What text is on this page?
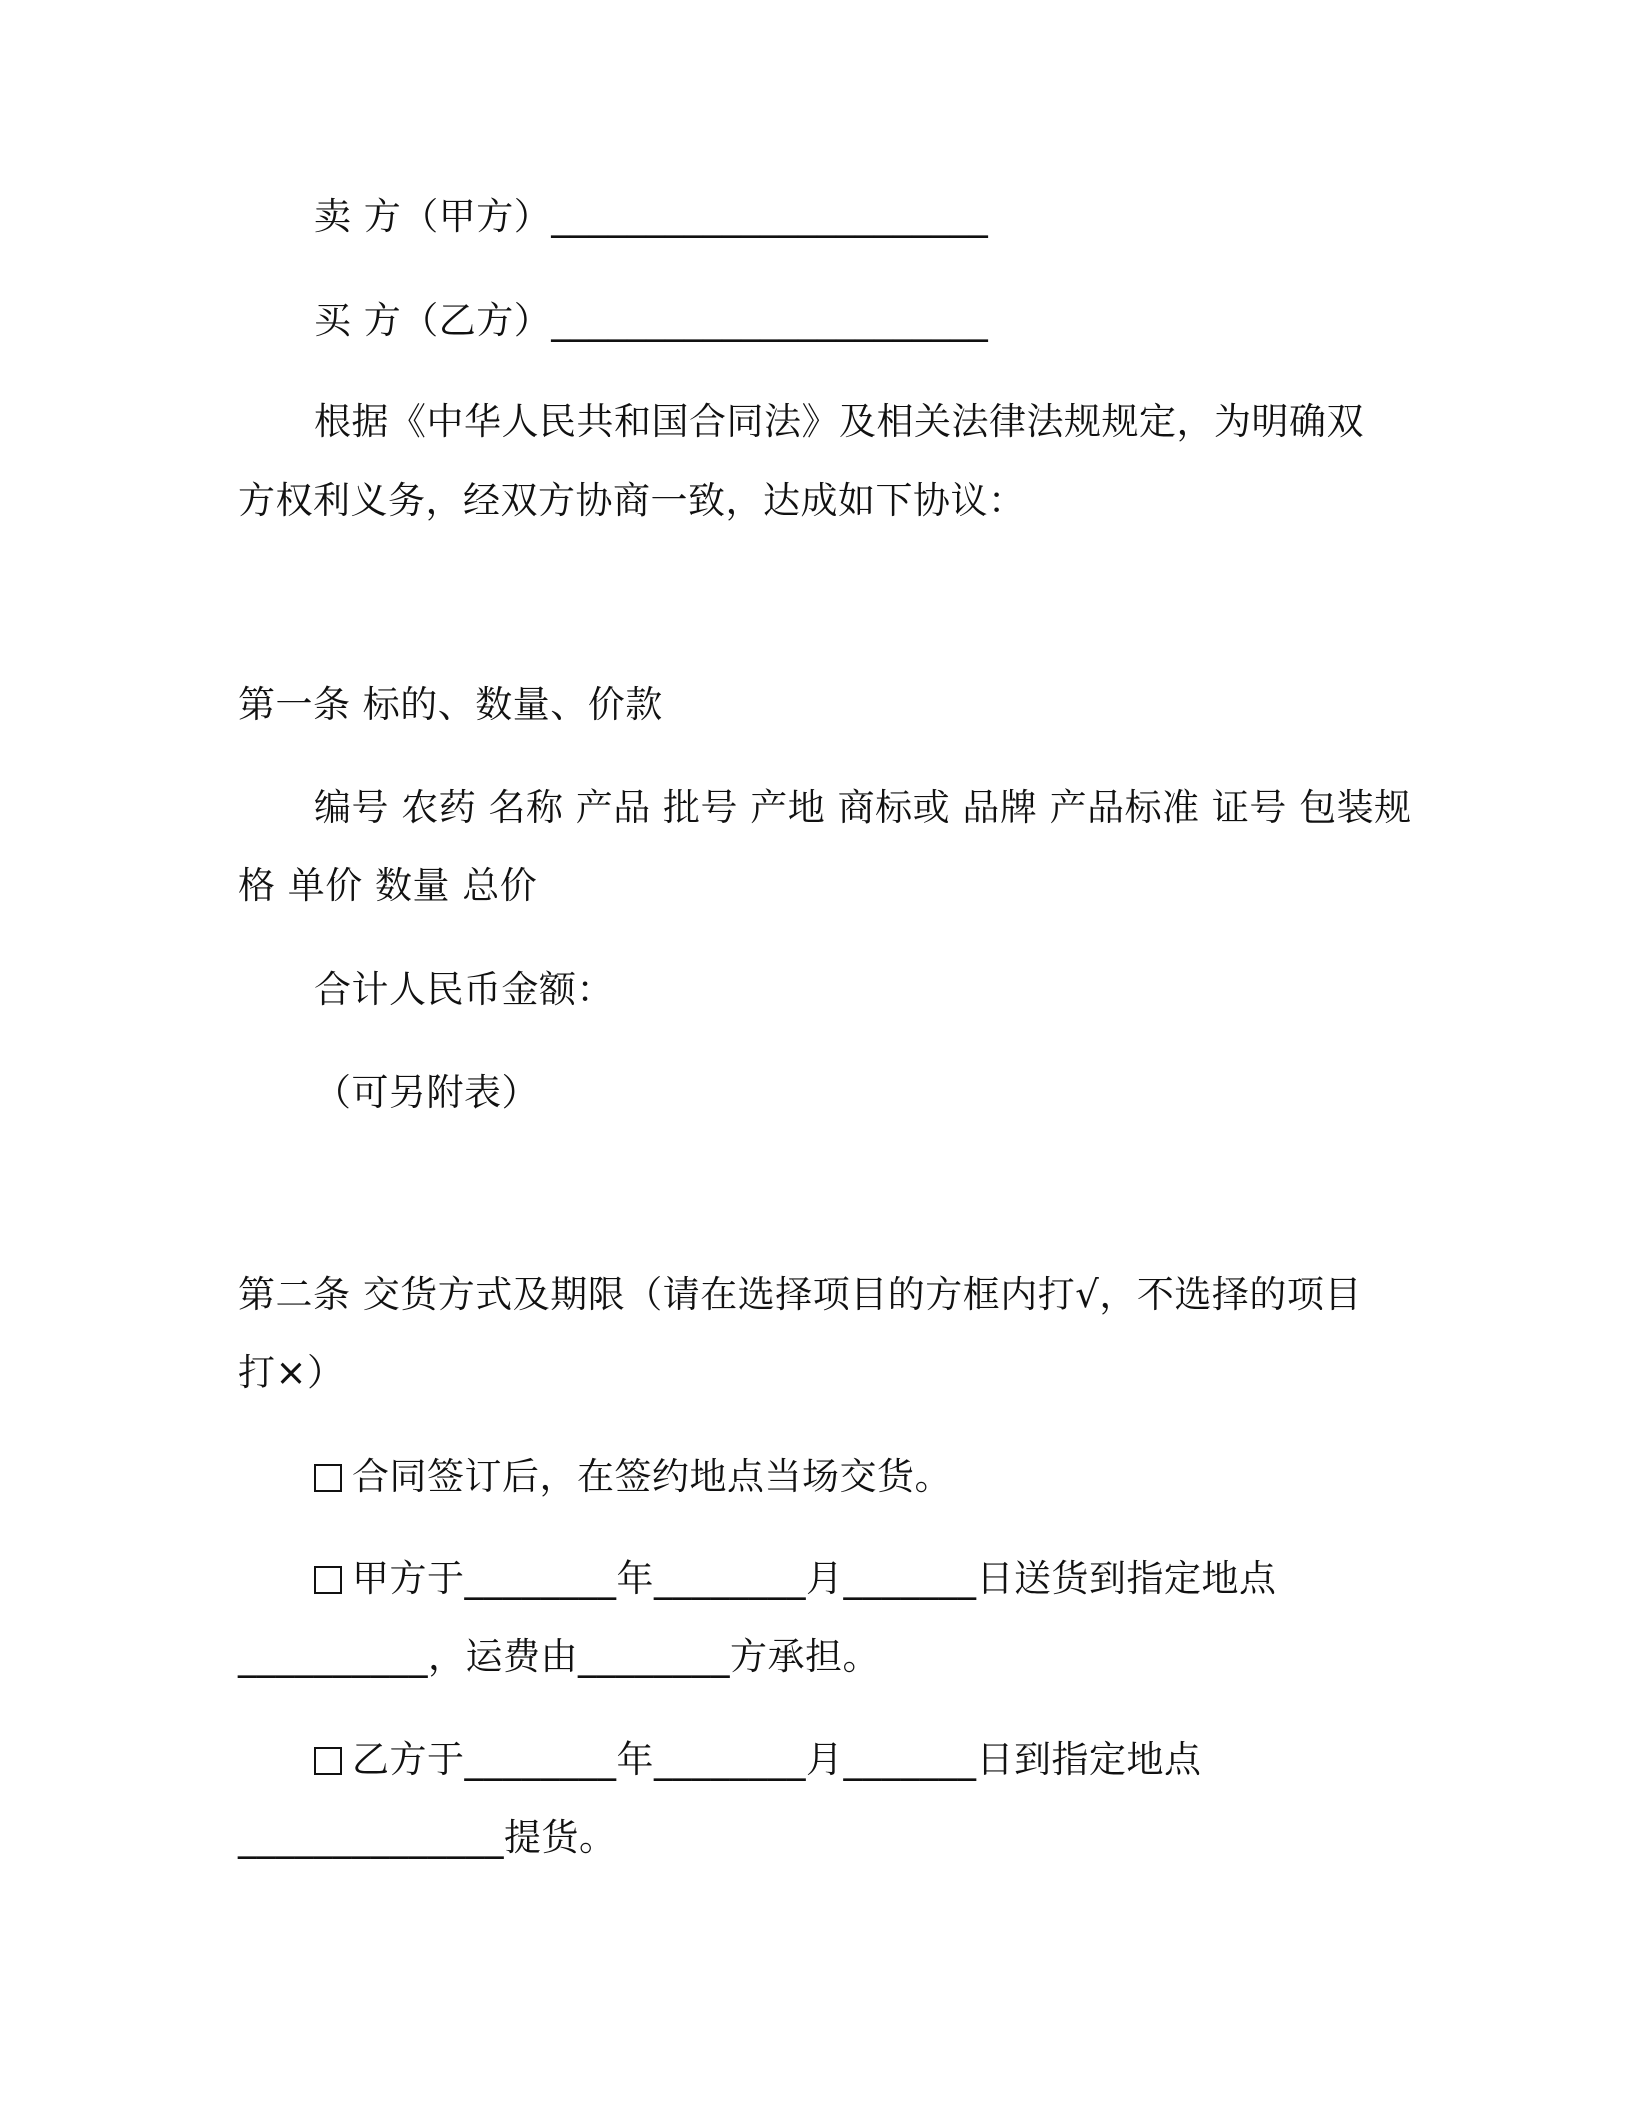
卖 方（甲方）_______________________
买 方（乙方）_______________________
根据《中华人民共和国合同法》及相关法律法规规定，为明确双
方权利义务，经双方协商一致，达成如下协议：
第一条 标的、数量、价款
编号 农药 名称 产品 批号 产地 商标或 品牌 产品标准 证号 包装规
格 单价 数量 总价
合计人民币金额：
（可另附表）
第二条 交货方式及期限（请在选择项目的方框内打√，不选择的项目
打×）
合同签订后，在签约地点当场交货。
甲方于________年________月_______日送货到指定地点
__________，运费由________方承担。
乙方于________年________月_______日到指定地点
______________提货。
